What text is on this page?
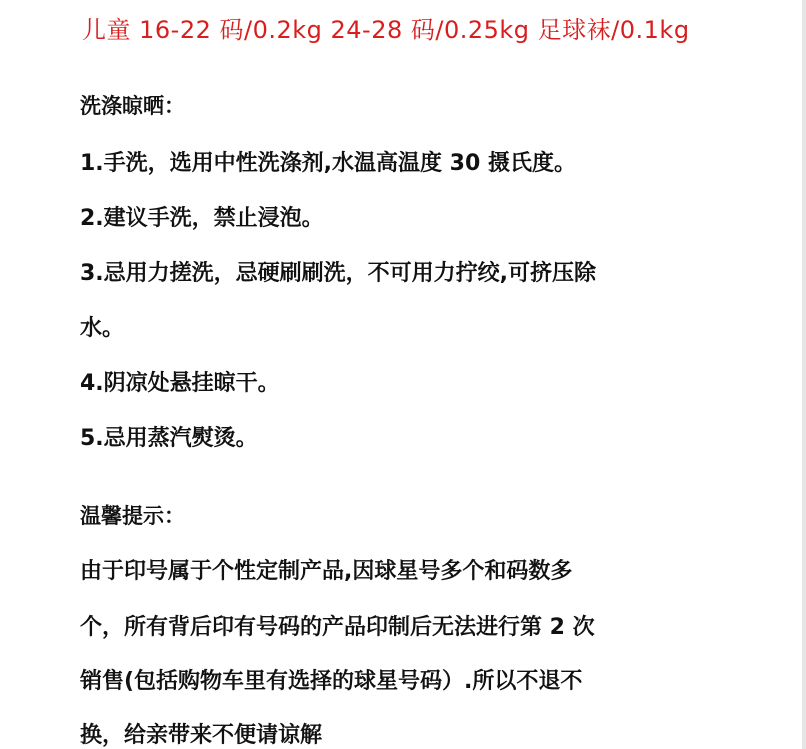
儿童 16-22 码/0.2kg 24-28 码/0.25kg 足球袜/0.1kg
洗涤晾晒：
1.手洗，选用中性洗涤剂,水温高温度 30 摄氏度。
2.建议手洗，禁止浸泡。
3.忌用力搓洗，忌硬刷刷洗，不可用力拧绞,可挤压除
水。
4.阴凉处悬挂晾干。
5.忌用蒸汽熨烫。
温馨提示：
由于印号属于个性定制产品,因球星号多个和码数多
个，所有背后印有号码的产品印制后无法进行第 2 次
销售(包括购物车里有选择的球星号码）.所以不退不
换，给亲带来不便请谅解
